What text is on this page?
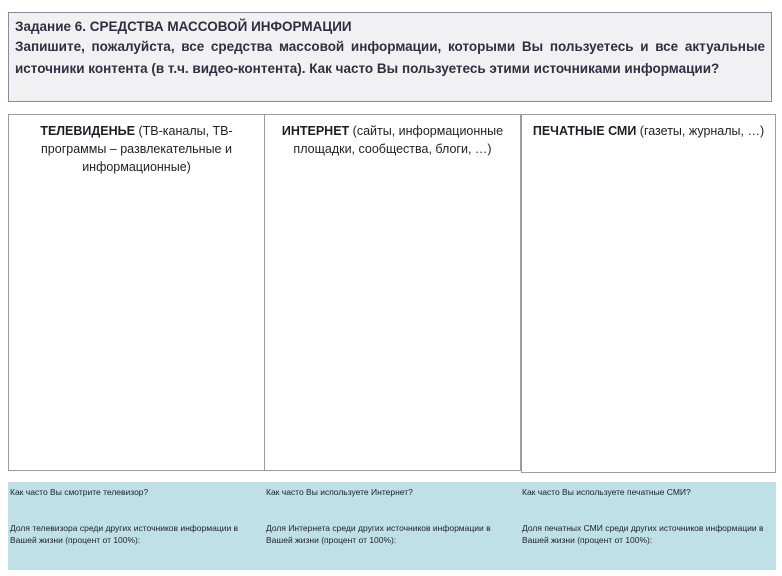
Задание 6. СРЕДСТВА МАССОВОЙ ИНФОРМАЦИИ
Запишите, пожалуйста, все средства массовой информации, которыми Вы пользуетесь и все актуальные источники контента (в т.ч. видео-контента). Как часто Вы пользуетесь этими источниками информации?
ТЕЛЕВИДЕНЬЕ (ТВ-каналы, ТВ-программы – развлекательные и информационные)
ИНТЕРНЕТ (сайты, информационные площадки, сообщества, блоги, …)
ПЕЧАТНЫЕ СМИ (газеты, журналы, …)
Как часто Вы смотрите телевизор?
Доля телевизора среди других источников информации в Вашей жизни (процент от 100%):
Как часто Вы используете Интернет?
Доля Интернета среди других источников информации в Вашей жизни (процент от 100%):
Как часто Вы используете печатные СМИ?
Доля печатных СМИ среди других источников информации в Вашей жизни (процент от 100%):
